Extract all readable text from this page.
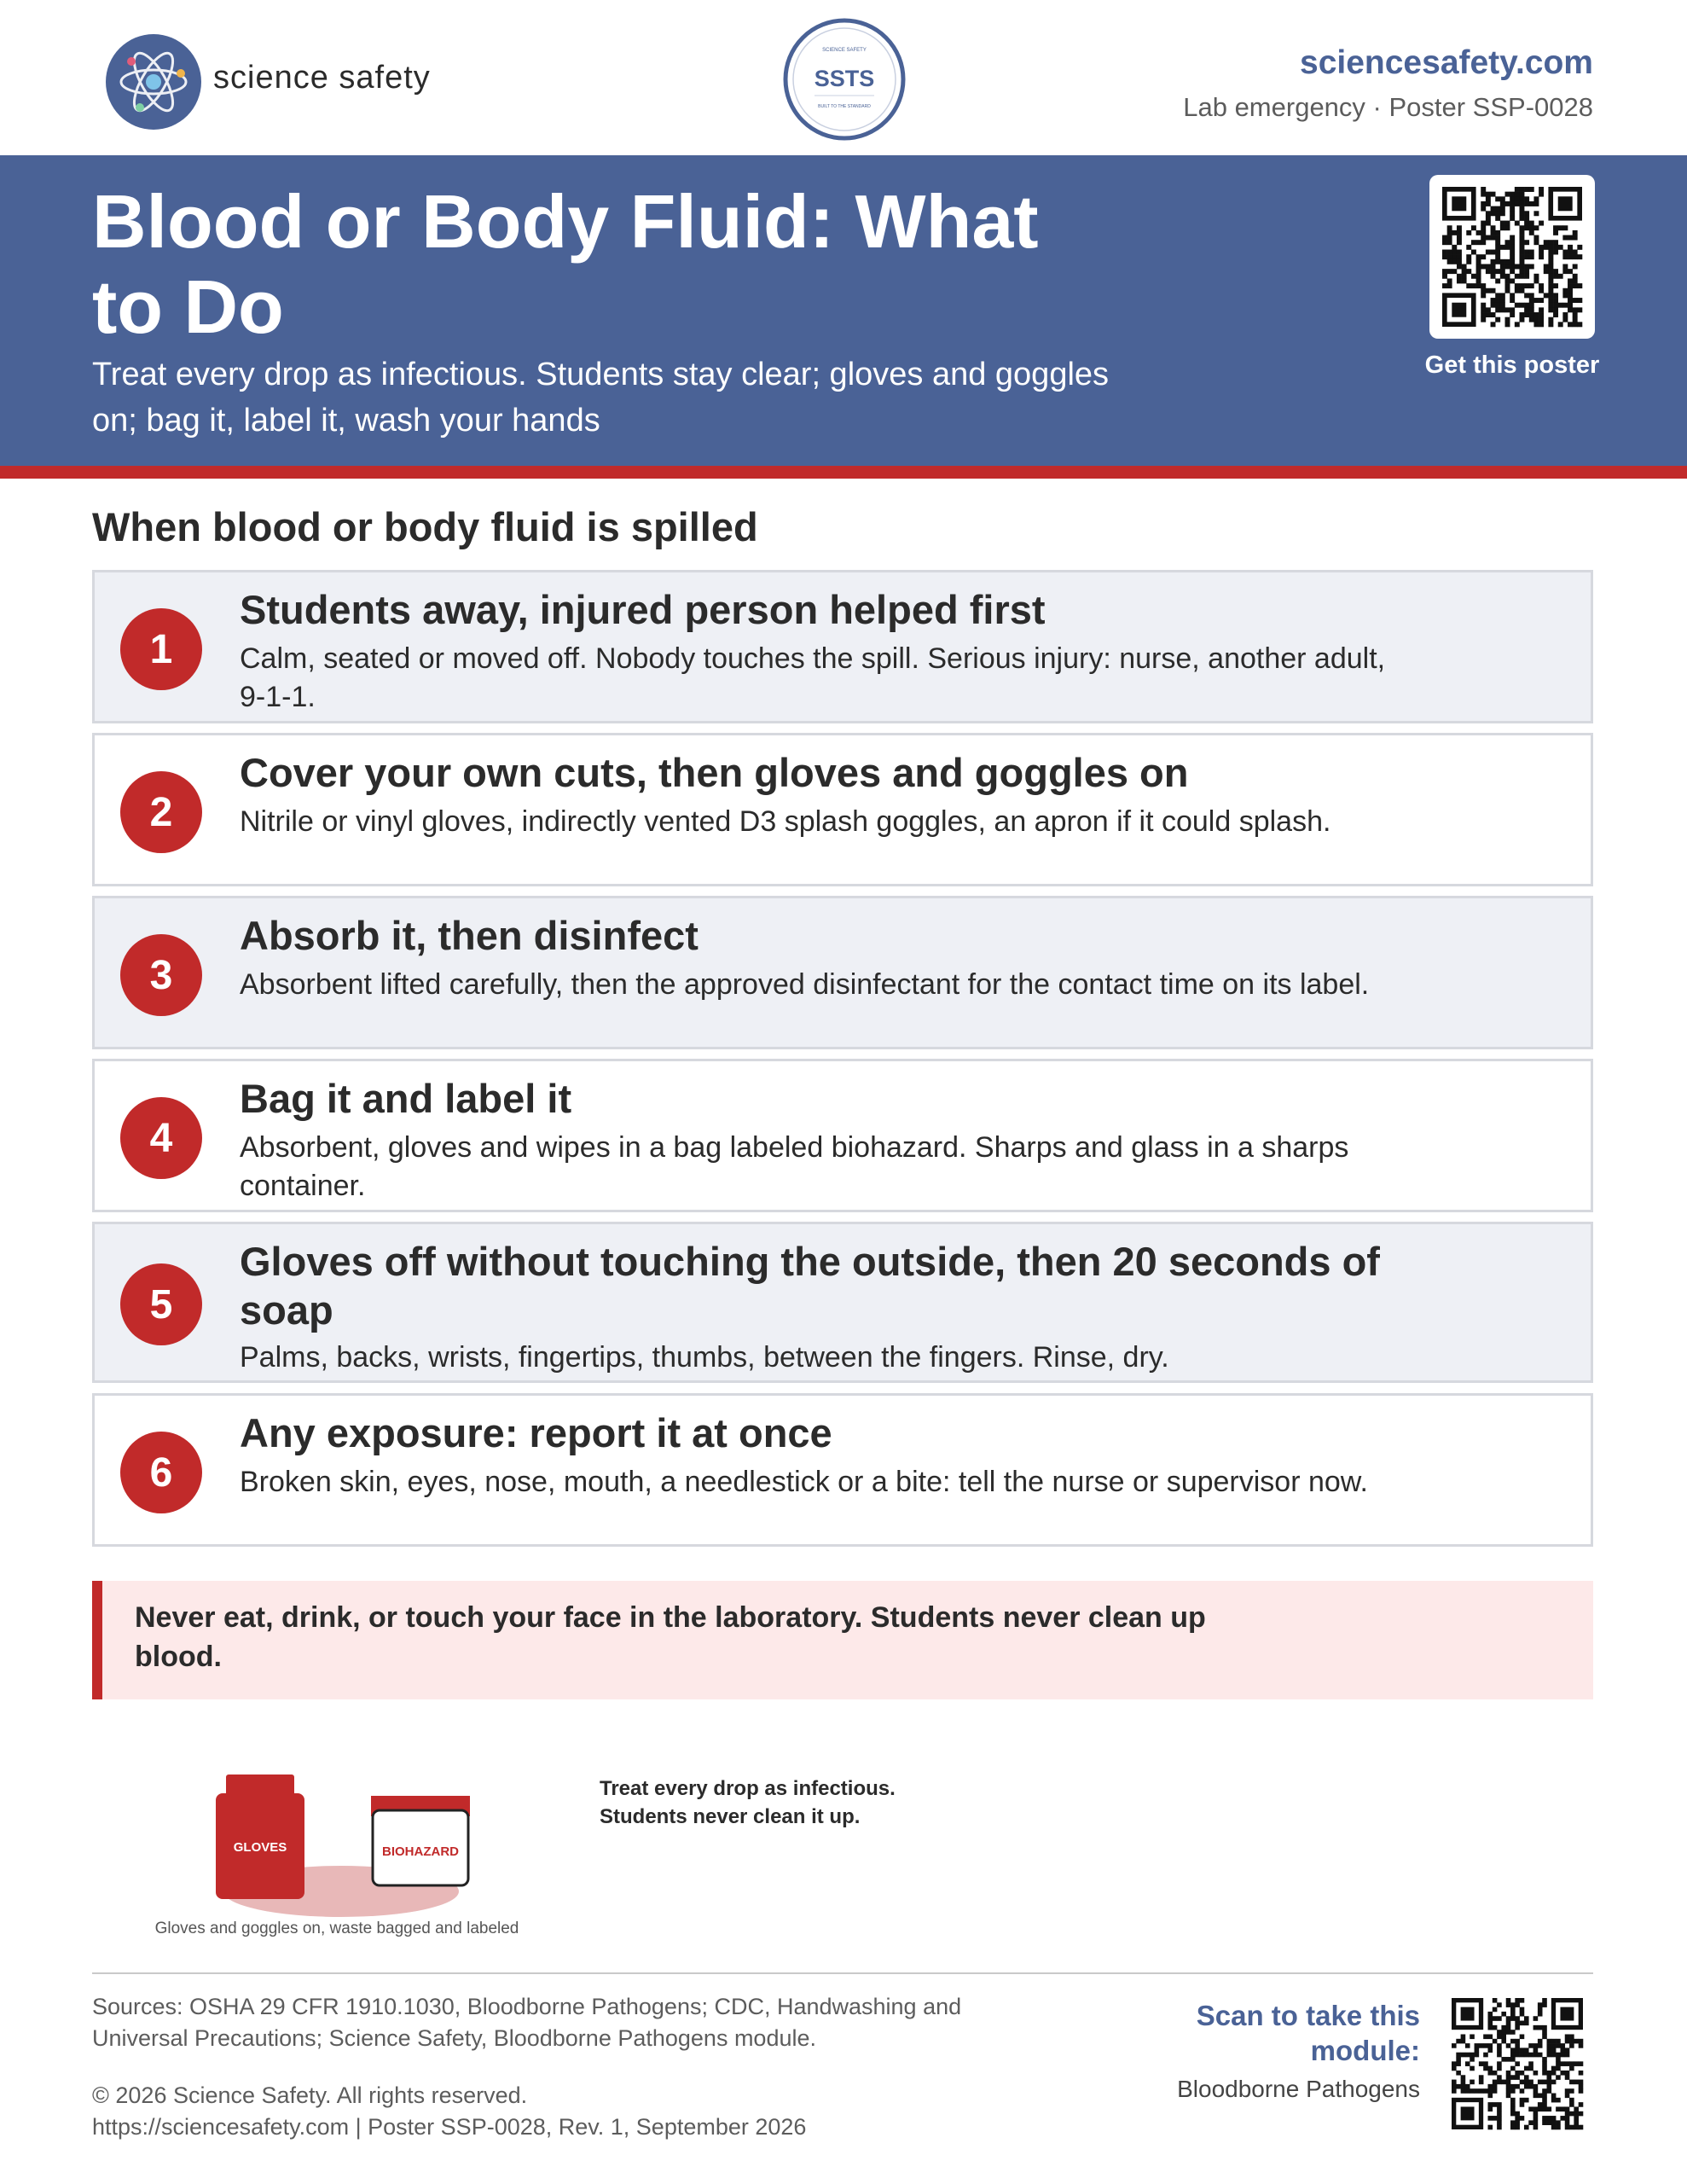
science safety
SCIENCE SAFETY
SSTS
BUILT TO THE STANDARD
sciencesafety.com
Lab emergency · Poster SSP-0028
Blood or Body Fluid: What to Do
Treat every drop as infectious. Students stay clear; gloves and goggles on; bag it, label it, wash your hands
Get this poster
When blood or body fluid is spilled
1
Students away, injured person helped first
Calm, seated or moved off. Nobody touches the spill. Serious injury: nurse, another adult, 9-1-1.
2
Cover your own cuts, then gloves and goggles on
Nitrile or vinyl gloves, indirectly vented D3 splash goggles, an apron if it could splash.
3
Absorb it, then disinfect
Absorbent lifted carefully, then the approved disinfectant for the contact time on its label.
4
Bag it and label it
Absorbent, gloves and wipes in a bag labeled biohazard. Sharps and glass in a sharps container.
5
Gloves off without touching the outside, then 20 seconds of soap
Palms, backs, wrists, fingertips, thumbs, between the fingers. Rinse, dry.
6
Any exposure: report it at once
Broken skin, eyes, nose, mouth, a needlestick or a bite: tell the nurse or supervisor now.
Never eat, drink, or touch your face in the laboratory. Students never clean up blood.
GLOVES	BIOHAZARD
Gloves and goggles on, waste bagged and labeled
Treat every drop as infectious.
Students never clean it up.
Sources: OSHA 29 CFR 1910.1030, Bloodborne Pathogens; CDC, Handwashing and Universal Precautions; Science Safety, Bloodborne Pathogens module.
© 2026 Science Safety. All rights reserved.
https://sciencesafety.com | Poster SSP-0028, Rev. 1, September 2026
Scan to take this module:
Bloodborne Pathogens
